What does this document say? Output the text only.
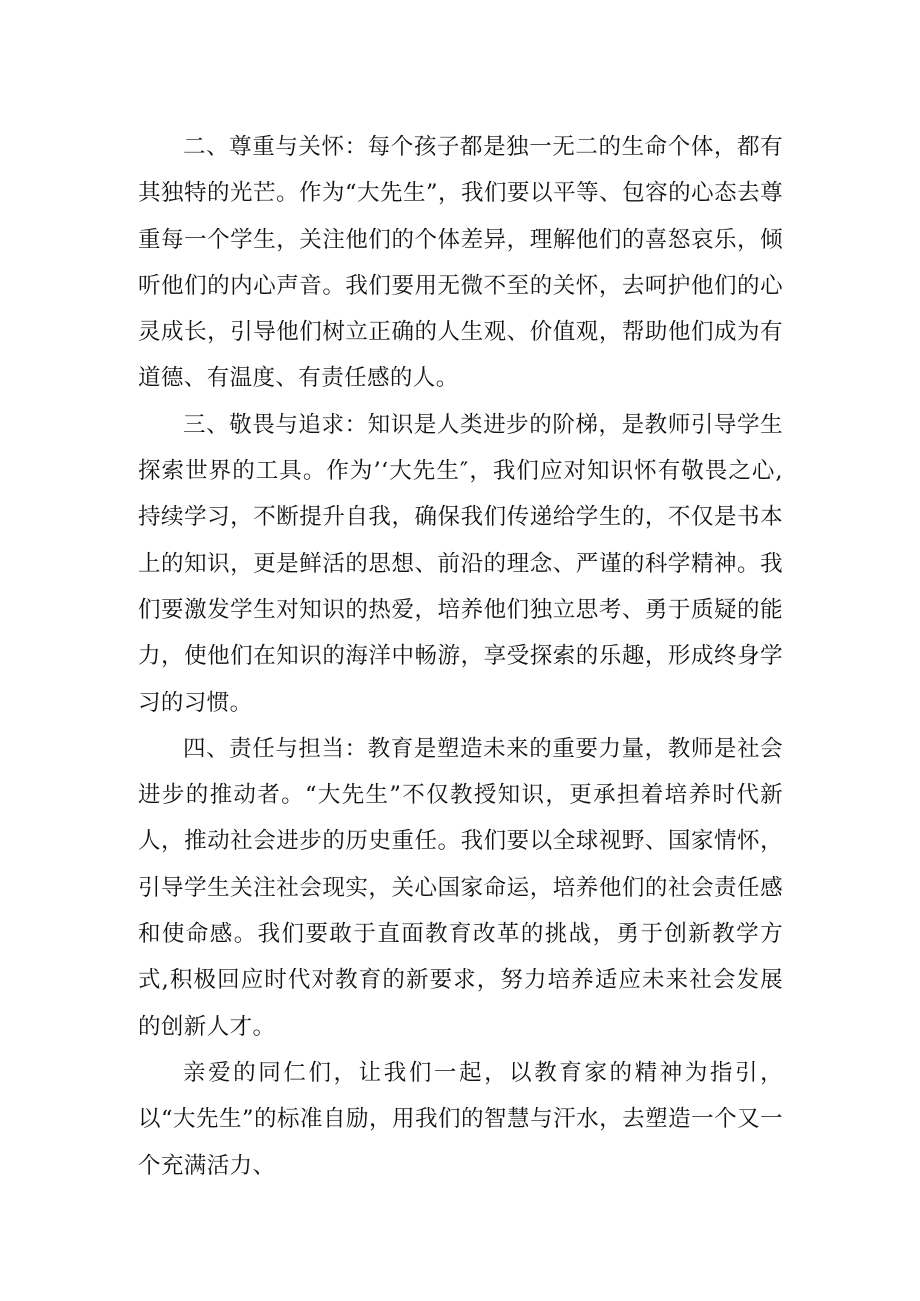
二、尊重与关怀：每个孩子都是独一无二的生命个体，都有其独特的光芒。作为“大先生”，我们要以平等、包容的心态去尊重每一个学生，关注他们的个体差异，理解他们的喜怒哀乐，倾听他们的内心声音。我们要用无微不至的关怀，去呵护他们的心灵成长，引导他们树立正确的人生观、价值观，帮助他们成为有道德、有温度、有责任感的人。

三、敬畏与追求：知识是人类进步的阶梯，是教师引导学生探索世界的工具。作为’‘大先生″，我们应对知识怀有敬畏之心,持续学习，不断提升自我，确保我们传递给学生的，不仅是书本上的知识，更是鲜活的思想、前沿的理念、严谨的科学精神。我们要激发学生对知识的热爱，培养他们独立思考、勇于质疑的能力，使他们在知识的海洋中畅游，享受探索的乐趣，形成终身学习的习惯。

四、责任与担当：教育是塑造未来的重要力量，教师是社会进步的推动者。“大先生”不仅教授知识，更承担着培养时代新人，推动社会进步的历史重任。我们要以全球视野、国家情怀，引导学生关注社会现实，关心国家命运，培养他们的社会责任感和使命感。我们要敢于直面教育改革的挑战，勇于创新教学方式,积极回应时代对教育的新要求，努力培养适应未来社会发展的创新人才。

亲爱的同仁们，让我们一起，以教育家的精神为指引，以“大先生”的标准自励，用我们的智慧与汗水，去塑造一个又一个充满活力、
